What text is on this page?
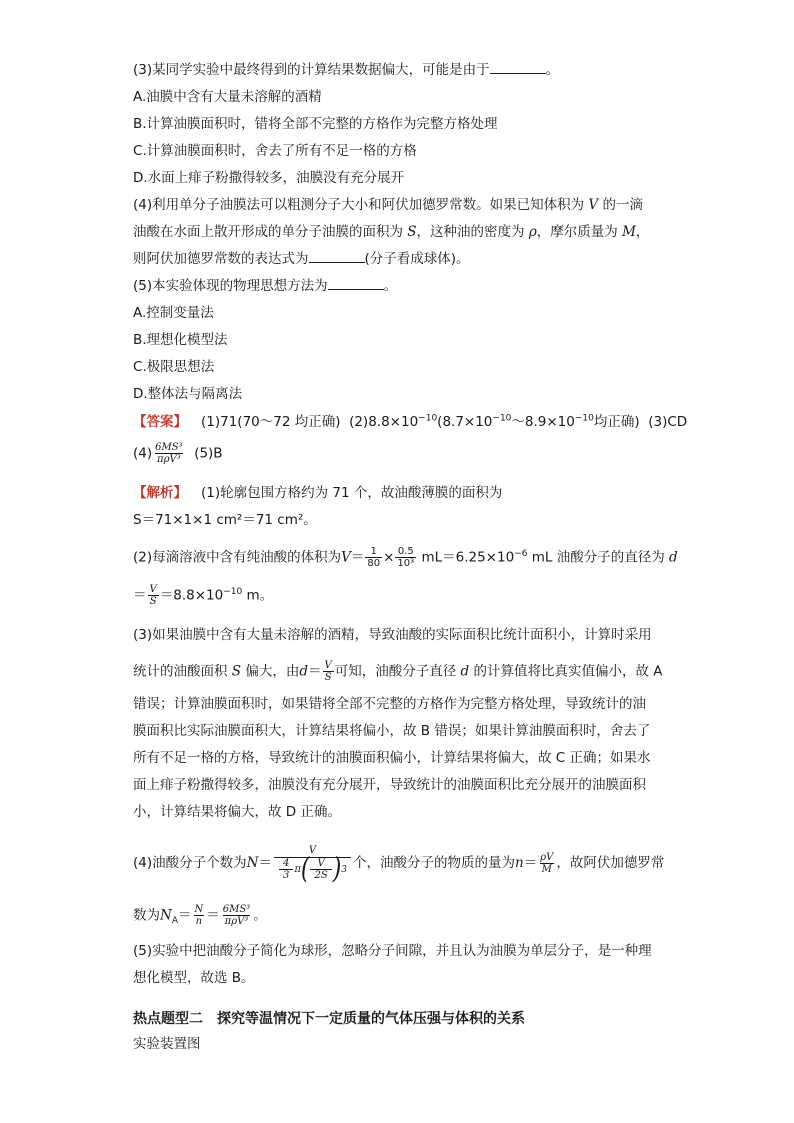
(3)某同学实验中最终得到的计算结果数据偏大，可能是由于	。
A.油膜中含有大量未溶解的酒精
B.计算油膜面积时，错将全部不完整的方格作为完整方格处理
C.计算油膜面积时，舍去了所有不足一格的方格
D.水面上痱子粉撒得较多，油膜没有充分展开
(4)利用单分子油膜法可以粗测分子大小和阿伏加德罗常数。如果已知体积为 V 的一滴
油酸在水面上散开形成的单分子油膜的面积为 S，这种油的密度为 ρ，摩尔质量为 M，
则阿伏加德罗常数的表达式为	(分子看成球体)。
(5)本实验体现的物理思想方法为	。
A.控制变量法
B.理想化模型法
C.极限思想法
D.整体法与隔离法
【答案】 (1)71(70～72 均正确) $(2)8.8\times 10^{-10}(8.7\times 10^{-10}\sim 8.9\times 10^{-10}$均正确) (3)CD
$(4) \frac{\text{6MS³}}{\text{πρV³}} (5)B$
【解析】 (1)轮廓包围方格约为 71 个，故油酸薄膜的面积为
S＝71×1×1 cm²＝71 cm²。
(2)每滴溶液中含有纯油酸的体积为$V= \frac{1}{80} \times \frac{0.5}{\text{10³}} mL=6.25\times 10^{-6}$ mL 油酸分子的直径为 d
＝ $\frac{V}{S} =8.8\times 10^{-10}$ m。
(3)如果油膜中含有大量未溶解的酒精，导致油酸的实际面积比统计面积小，计算时采用
统计的油酸面积 S 偏大，由$d= \frac{V}{S}$ 可知，油酸分子直径 d 的计算值将比真实值偏小，故 A
错误；计算油膜面积时，如果错将全部不完整的方格作为完整方格处理，导致统计的油
膜面积比实际油膜面积大，计算结果将偏小，故 B 错误；如果计算油膜面积时，舍去了
所有不足一格的方格，导致统计的油膜面积偏小，计算结果将偏大，故 C 正确；如果水
面上痱子粉撒得较多，油膜没有充分展开，导致统计的油膜面积比充分展开的油膜面积
小，计算结果将偏大，故 D 正确。
(4)油酸分子个数为 N ＝
V
$\frac{4}{3}$ π ( $\frac{V}{2S}$ ) 3 个，油酸分子的物质的量为 $n = \frac{\rho V}{M}$ ，故阿伏加德罗常
数为$N_A= \frac{N}{n} = \frac{\text{6MS³}}{\text{πρV³}}$ 。
(5)实验中把油酸分子简化为球形，忽略分子间隙，并且认为油膜为单层分子，是一种理
想化模型，故选 B。
热点题型二　探究等温情况下一定质量的气体压强与体积的关系
实验装置图
